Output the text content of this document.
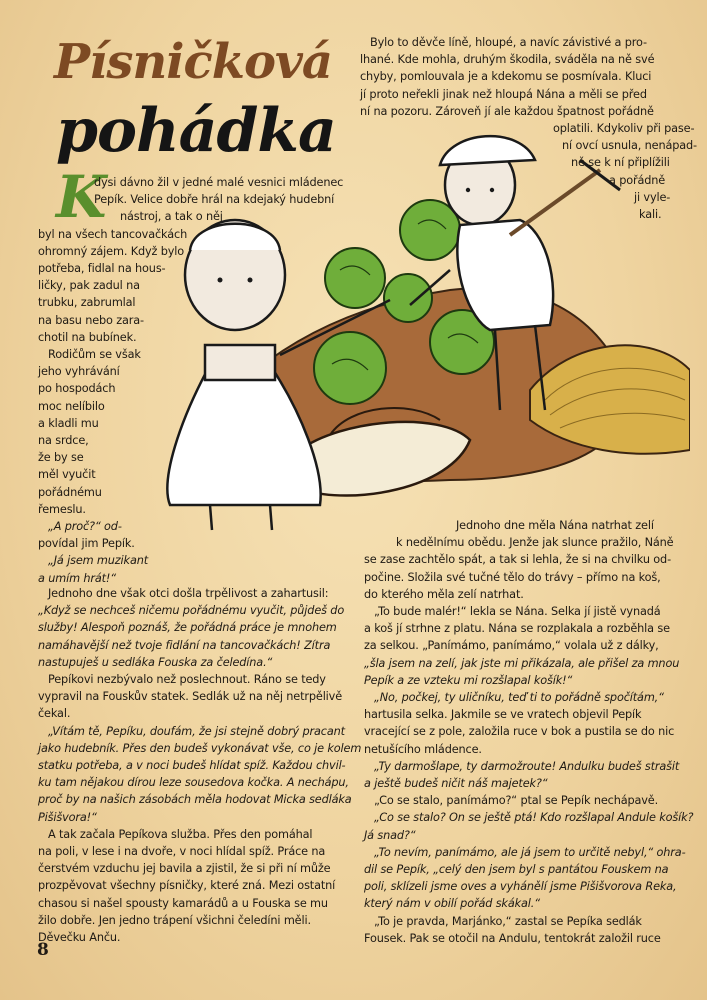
Písničková
pohádka
K
Bylo to děvče líně, hloupé, a navíc závistivé a pro-
lhané. Kde mohla, druhým škodila, sváděla na ně své
chyby, pomlouvala je a kdekomu se posmívala. Kluci
jí proto neřekli jinak než hloupá Nána a měli se před
ní na pozoru. Zároveň jí ale každou špatnost pořádně
oplatili. Kdykoliv při pase-
ní ovcí usnula, nenápad-
ně se k ní připlížili
a pořádně
ji vyle-
kali.
dysi dávno žil v jedné malé vesnici mládenec
Pepík. Velice dobře hrál na kdejaký hudební
nástroj, a tak o něj
byl na všech tancovačkách
ohromný zájem. Když bylo
potřeba, fidlal na hous-
ličky, pak zadul na
trubku, zabrumlal
na basu nebo zara-
chotil na bubínek.
Rodičům se však
jeho vyhrávání
po hospodách
moc nelíbilo
a kladli mu
na srdce,
že by se
měl vyučit
pořádnému
řemeslu.
„A proč?“ od-
povídal jim Pepík.
„Já jsem muzikant
a umím hrát!“
Jednoho dne však otci došla trpělivost a zahartusil:
„Když se nechceš ničemu pořádnému vyučit, půjdeš do
služby! Alespoň poznáš, že pořádná práce je mnohem
namáhavější než tvoje fidlání na tancovačkách! Zítra
nastupuješ u sedláka Fouska za čeledína.“
Pepíkovi nezbývalo než poslechnout. Ráno se tedy
vypravil na Fouskův statek. Sedlák už na něj netrpělivě
čekal.
„Vítám tě, Pepíku, doufám, že jsi stejně dobrý pracant
jako hudebník. Přes den budeš vykonávat vše, co je kolem
statku potřeba, a v noci budeš hlídat spíž. Každou chvil-
ku tam nějakou dírou leze sousedova kočka. A nechápu,
proč by na našich zásobách měla hodovat Micka sedláka
Pišišvora!“
A tak začala Pepíkova služba. Přes den pomáhal
na poli, v lese i na dvoře, v noci hlídal spíž. Práce na
čerstvém vzduchu jej bavila a zjistil, že si při ní může
prozpěvovat všechny písničky, které zná. Mezi ostatní
chasou si našel spousty kamarádů a u Fouska se mu
žilo dobře. Jen jedno trápení všichni čeledíni měli.
Děvečku Anču.
Jednoho dne měla Nána natrhat zelí
k nedělnímu obědu. Jenže jak slunce pražilo, Náně
se zase zachtělo spát, a tak si lehla, že si na chvilku od-
počine. Složila své tučné tělo do trávy – přímo na koš,
do kterého měla zelí natrhat.
„To bude malér!“ lekla se Nána. Selka jí jistě vynadá
a koš jí strhne z platu. Nána se rozplakala a rozběhla se
za selkou. „Panímámo, panímámo,“ volala už z dálky,
„šla jsem na zelí, jak jste mi přikázala, ale přišel za mnou
Pepík a ze vzteku mi rozšlapal košík!“
„No, počkej, ty uličníku, teď ti to pořádně spočítám,“
hartusila selka. Jakmile se ve vratech objevil Pepík
vracející se z pole, založila ruce v bok a pustila se do nic
netušícího mládence.
„Ty darmošlape, ty darmožroute! Andulku budeš strašit
a ještě budeš ničit náš majetek?“
„Co se stalo, panímámo?“ ptal se Pepík nechápavě.
„Co se stalo? On se ještě ptá! Kdo rozšlapal Andule košík?
Já snad?“
„To nevím, panímámo, ale já jsem to určitě nebyl,“ ohra-
dil se Pepík, „celý den jsem byl s pantátou Fouskem na
poli, sklízeli jsme oves a vyhánělí jsme Pišišvorova Reka,
který nám v obilí pořád skákal.“
„To je pravda, Marjánko,“ zastal se Pepíka sedlák
Fousek. Pak se otočil na Andulu, tentokrát založil ruce
8
